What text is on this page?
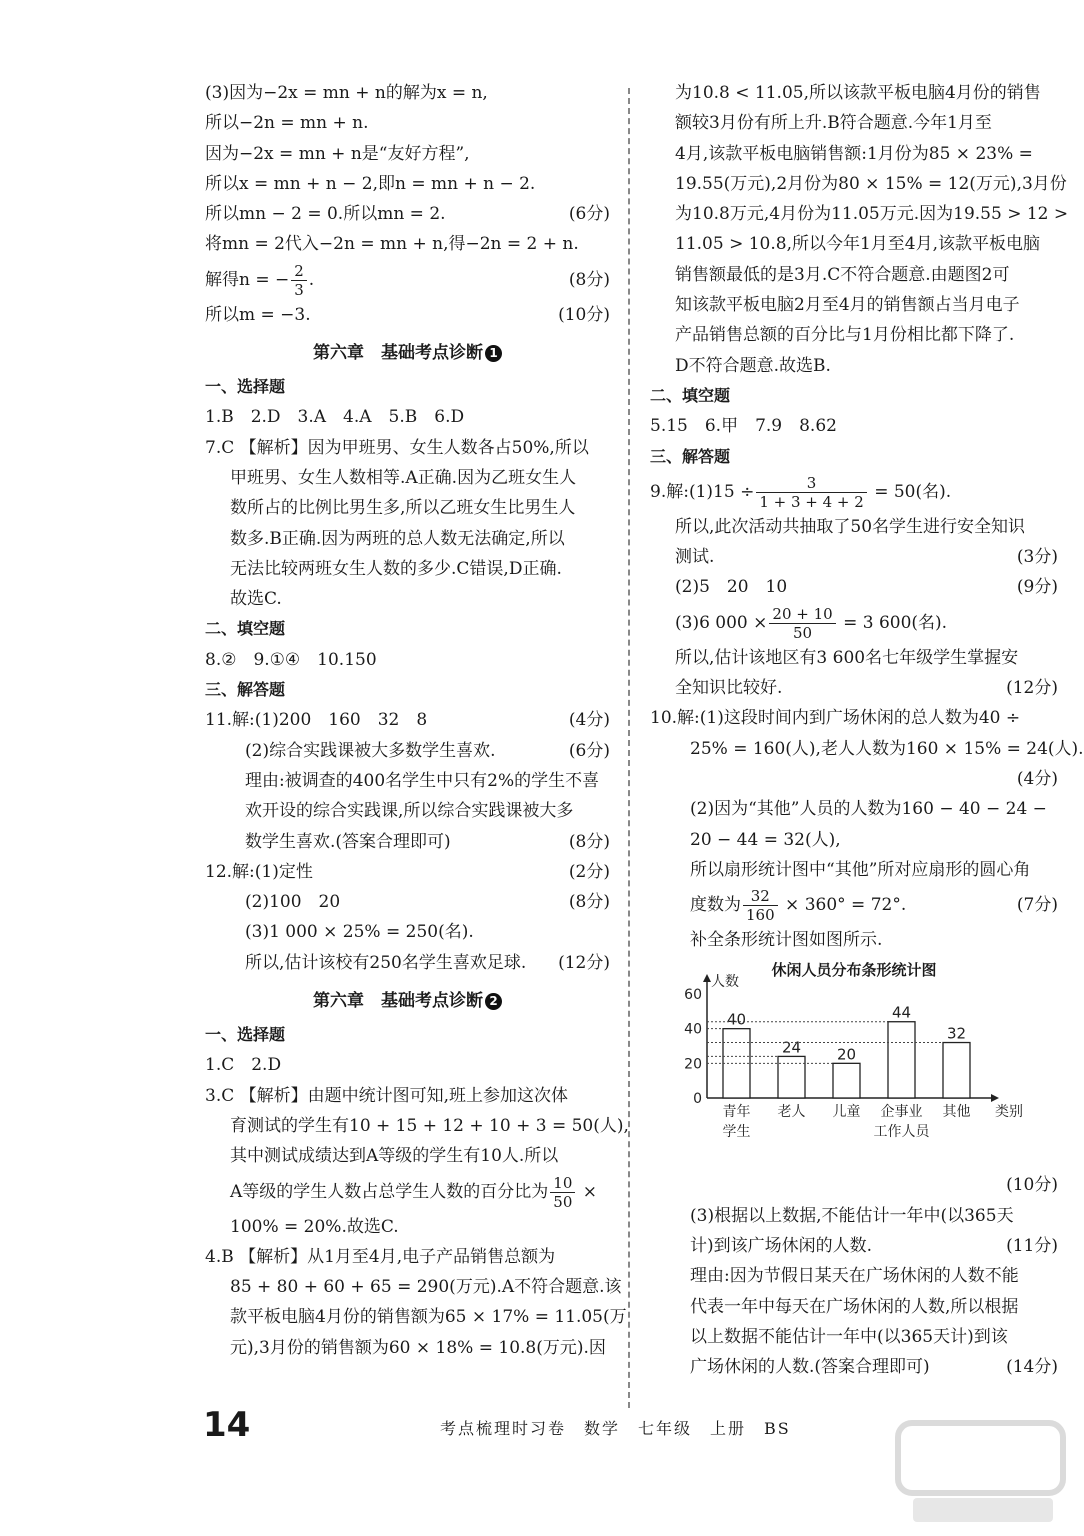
(3)因为−2x = mn + n的解为x = n,
所以−2n = mn + n.
因为−2x = mn + n是“友好方程”,
所以x = mn + n − 2,即n = mn + n − 2.
所以mn − 2 = 0.所以mn = 2.	(6分)
将mn = 2代入−2n = mn + n,得−2n = 2 + n.
解得n = − $\frac{2}{3}$ .	(8分)
所以m = −3.	(10分)
第六章　基础考点诊断 1
一、选择题
1.B　2.D　3.A　4.A　5.B　6.D
7.C 【解析】因为甲班男、女生人数各占50%,所以
甲班男、女生人数相等.A正确.因为乙班女生人
数所占的比例比男生多,所以乙班女生比男生人
数多.B正确.因为两班的总人数无法确定,所以
无法比较两班女生人数的多少.C错误,D正确.
故选C.
二、填空题
8.②　9.①④　10.150
三、解答题
11.解:(1)200　160　32　8	(4分)
(2)综合实践课被大多数学生喜欢.	(6分)
理由:被调查的400名学生中只有2%的学生不喜
欢开设的综合实践课,所以综合实践课被大多
数学生喜欢.(答案合理即可)	(8分)
12.解:(1)定性	(2分)
(2)100　20	(8分)
(3)1 000 × 25% = 250(名).
所以,估计该校有250名学生喜欢足球. (12分)
第六章　基础考点诊断 2
一、选择题
1.C　2.D
3.C 【解析】由题中统计图可知,班上参加这次体
育测试的学生有10 + 15 + 12 + 10 + 3 = 50(人),
其中测试成绩达到A等级的学生有10人.所以
A等级的学生人数占总学生人数的百分比为 $\frac{10}{50}$ ×
100% = 20%.故选C.
4.B 【解析】从1月至4月,电子产品销售总额为
85 + 80 + 60 + 65 = 290(万元).A不符合题意.该
款平板电脑4月份的销售额为65 × 17% = 11.05(万
元),3月份的销售额为60 × 18% = 10.8(万元).因
为10.8 < 11.05,所以该款平板电脑4月份的销售
额较3月份有所上升.B符合题意.今年1月至
4月,该款平板电脑销售额:1月份为85 × 23% =
19.55(万元),2月份为80 × 15% = 12(万元),3月份
为10.8万元,4月份为11.05万元.因为19.55 > 12 >
11.05 > 10.8,所以今年1月至4月,该款平板电脑
销售额最低的是3月.C不符合题意.由题图2可
知该款平板电脑2月至4月的销售额占当月电子
产品销售总额的百分比与1月份相比都下降了.
D不符合题意.故选B.
二、填空题
5.15　6.甲　7.9　8.62
三、解答题
9.解:(1)15 ÷ $\frac{3}{1 + 3 + 4 + 2} = 50$(名).
所以,此次活动共抽取了50名学生进行安全知识
测试.	(3分)
(2)5　20　10	(9分)
(3)6 $000 \times \frac{20 + 10}{50} = 3$ 600(名).
所以,估计该地区有3 600名七年级学生掌握安
全知识比较好.	(12分)
10.解:(1)这段时间内到广场休闲的总人数为40 ÷
25% = 160(人),老人人数为160 × 15% = 24(人).
(4分)
(2)因为“其他”人员的人数为160 − 40 − 24 −
20 − 44 = 32(人),
所以扇形统计图中“其他”所对应扇形的圆心角
度数为 $\frac{32}{160} \times 360^\circ = 72^\circ$.	(7分)
补全条形统计图如图所示.
休闲人员分布条形统计图
60
40
20
0
人数
40
青年
学生
24
老人
20
儿童
44
企事业
工作人员
32
其他 类别
(10分)
(3)根据以上数据,不能估计一年中(以365天
计)到该广场休闲的人数.	(11分)
理由:因为节假日某天在广场休闲的人数不能
代表一年中每天在广场休闲的人数,所以根据
以上数据不能估计一年中(以365天计)到该
广场休闲的人数.(答案合理即可)	(14分)
14	考点梳理时习卷　数学　七年级　上册　BS
